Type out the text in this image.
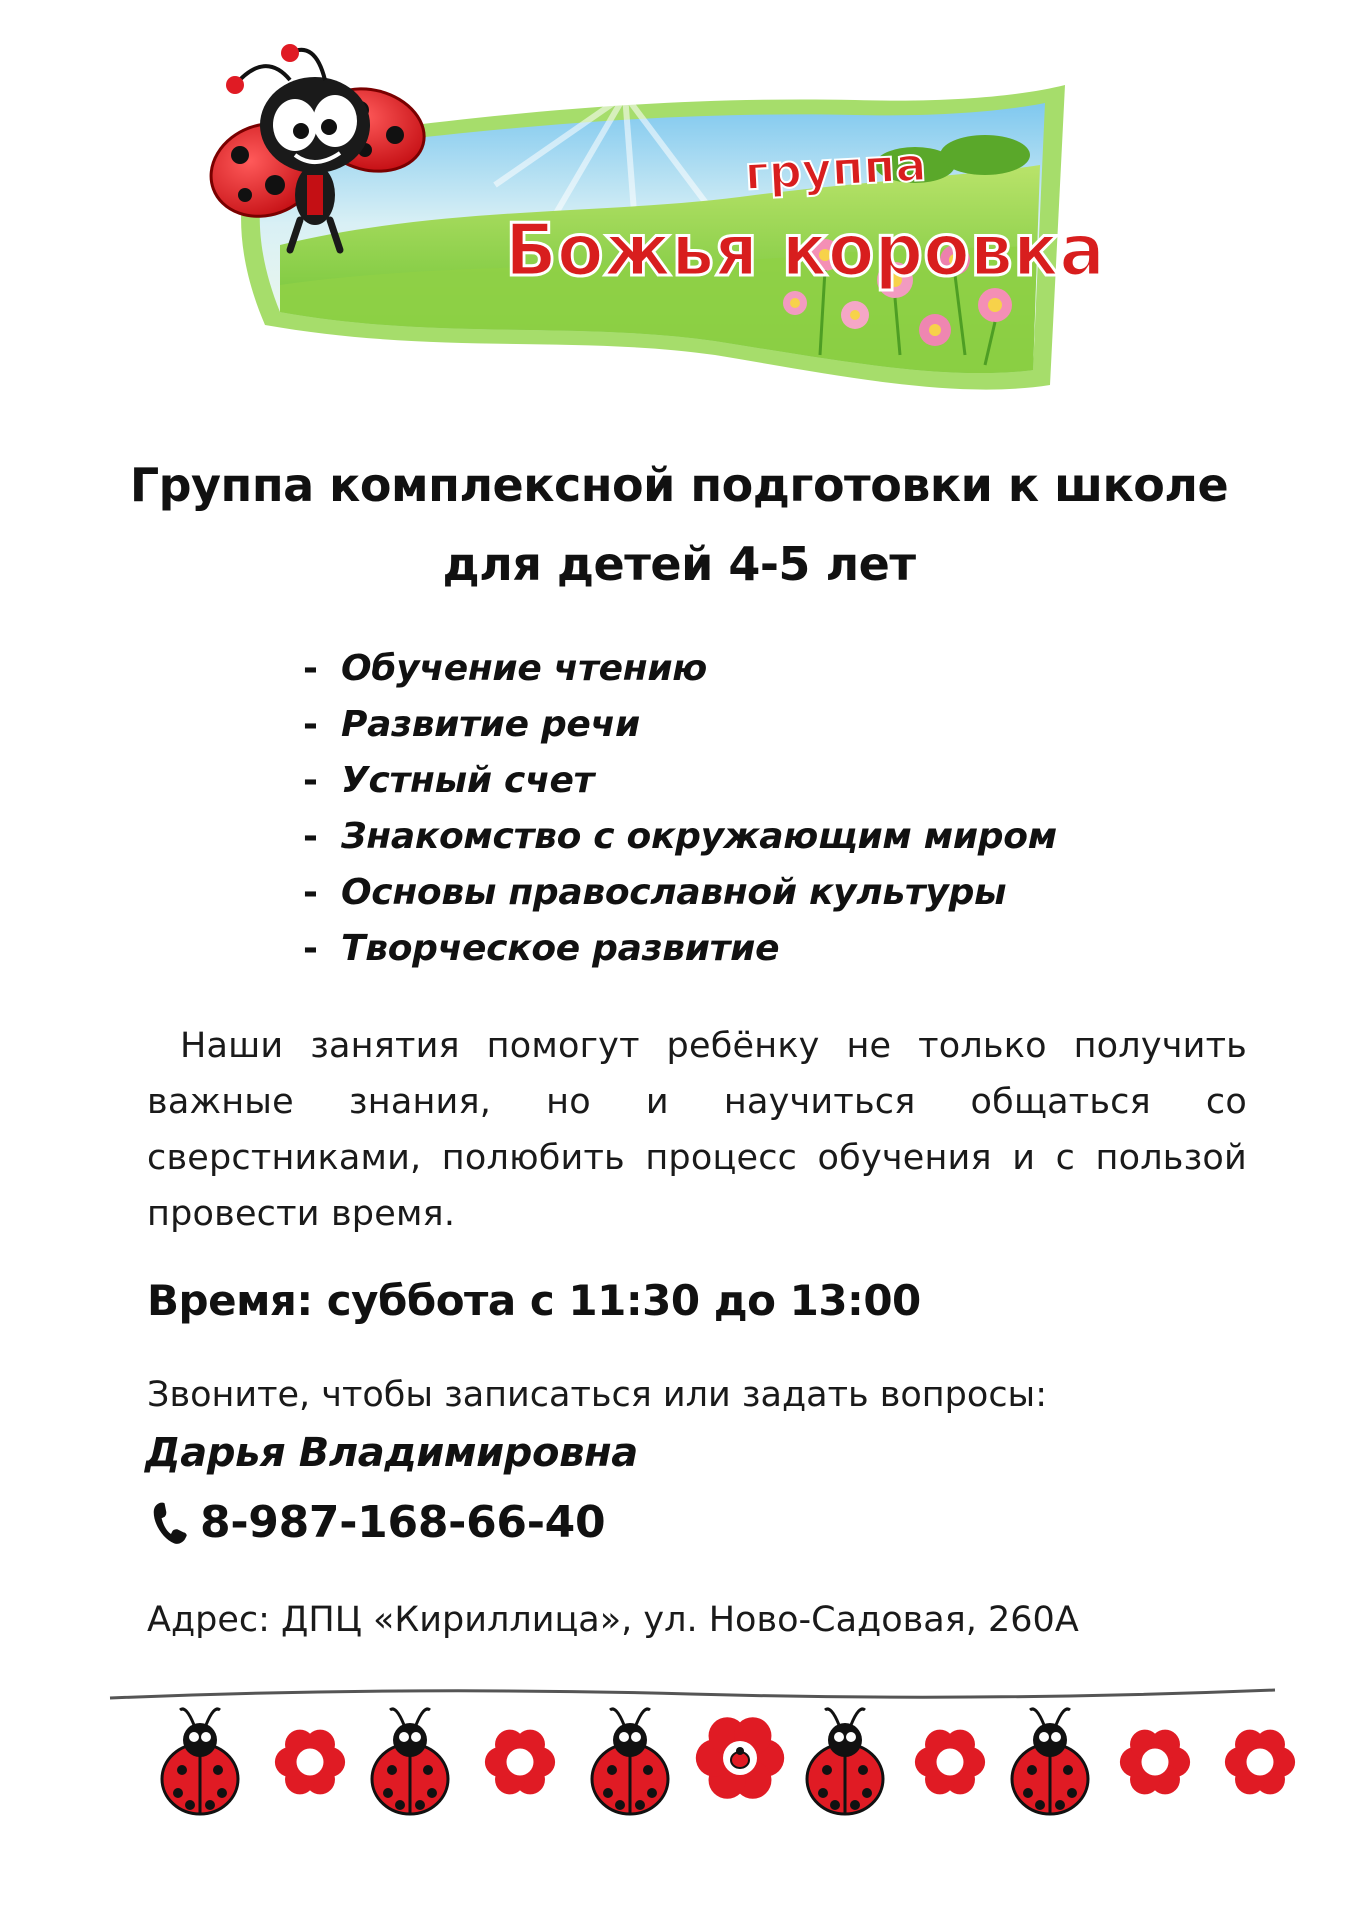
группа
Божья коровка
Группа комплексной подготовки к школе
для детей 4-5 лет
- Обучение чтению
- Развитие речи
- Устный счет
- Знакомство с окружающим миром
- Основы православной культуры
- Творческое развитие

Наши занятия помогут ребёнку не только получить важные знания, но и научиться общаться со сверстниками, полюбить процесс обучения и с пользой провести время.

Время: суббота с 11:30 до 13:00

Звоните, чтобы записаться или задать вопросы:

Дарья Владимировна

8-987-168-66-40

Адрес: ДПЦ «Кириллица», ул. Ново-Садовая, 260А
